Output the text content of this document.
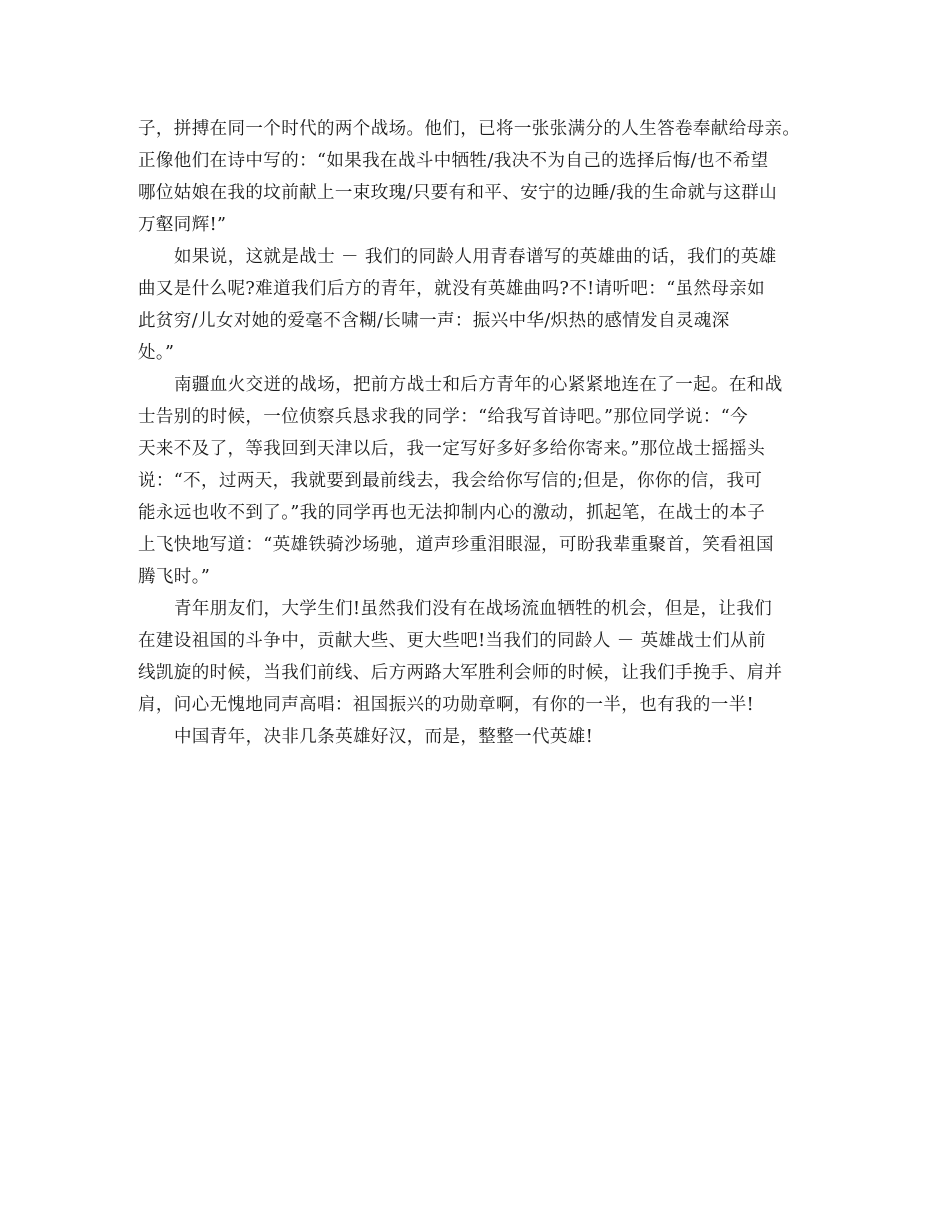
子，拼搏在同一个时代的两个战场。他们，已将一张张满分的人生答卷奉献给母亲。
正像他们在诗中写的：“如果我在战斗中牺牲/我决不为自己的选择后悔/也不希望
哪位姑娘在我的坟前献上一束玫瑰/只要有和平、安宁的边睡/我的生命就与这群山
万壑同辉!”
如果说，这就是战士 － 我们的同龄人用青春谱写的英雄曲的话，我们的英雄
曲又是什么呢?难道我们后方的青年，就没有英雄曲吗?不!请听吧：“虽然母亲如
此贫穷/儿女对她的爱毫不含糊/长啸一声：振兴中华/炽热的感情发自灵魂深
处。”
南疆血火交迸的战场，把前方战士和后方青年的心紧紧地连在了一起。在和战
士告别的时候，一位侦察兵恳求我的同学：“给我写首诗吧。”那位同学说：“今
天来不及了，等我回到天津以后，我一定写好多好多给你寄来。”那位战士摇摇头
说：“不，过两天，我就要到最前线去，我会给你写信的;但是，你你的信，我可
能永远也收不到了。”我的同学再也无法抑制内心的激动，抓起笔，在战士的本子
上飞快地写道：“英雄铁骑沙场驰，道声珍重泪眼湿，可盼我辈重聚首，笑看祖国
腾飞时。”
青年朋友们，大学生们!虽然我们没有在战场流血牺牲的机会，但是，让我们
在建设祖国的斗争中，贡献大些、更大些吧!当我们的同龄人 － 英雄战士们从前
线凯旋的时候，当我们前线、后方两路大军胜利会师的时候，让我们手挽手、肩并
肩，问心无愧地同声高唱：祖国振兴的功勋章啊，有你的一半，也有我的一半!
中国青年，决非几条英雄好汉，而是，整整一代英雄!
